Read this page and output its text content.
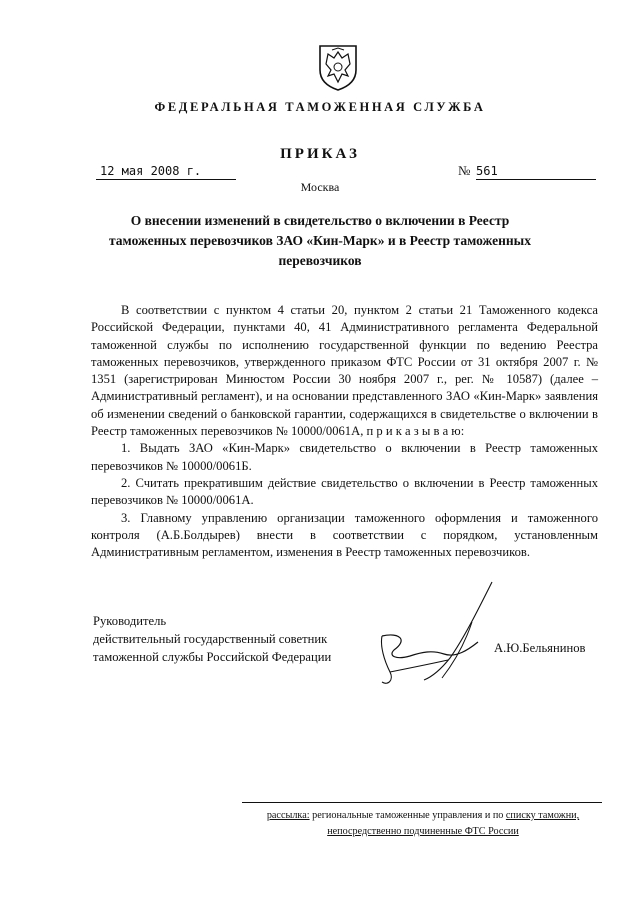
ФЕДЕРАЛЬНАЯ ТАМОЖЕННАЯ СЛУЖБА
ПРИКАЗ
12 мая 2008 г.	№ 561
Москва
О внесении изменений в свидетельство о включении в Реестр таможенных перевозчиков ЗАО «Кин-Марк» и в Реестр таможенных перевозчиков

В соответствии с пунктом 4 статьи 20, пунктом 2 статьи 21 Таможенного кодекса Российской Федерации, пунктами 40, 41 Административного регламента Федеральной таможенной службы по исполнению государственной функции по ведению Реестра таможенных перевозчиков, утвержденного приказом ФТС России от 31 октября 2007 г. № 1351 (зарегистрирован Минюстом России 30 ноября 2007 г., рег. № 10587) (далее – Административный регламент), и на основании представленного ЗАО «Кин-Марк» заявления об изменении сведений о банковской гарантии, содержащихся в свидетельстве о включении в Реестр таможенных перевозчиков № 10000/0061А, п р и к а з ы в а ю:

1. Выдать ЗАО «Кин-Марк» свидетельство о включении в Реестр таможенных перевозчиков № 10000/0061Б.

2. Считать прекратившим действие свидетельство о включении в Реестр таможенных перевозчиков № 10000/0061А.

3. Главному управлению организации таможенного оформления и таможенного контроля (А.Б.Болдырев) внести в соответствии с порядком, установленным Административным регламентом, изменения в Реестр таможенных перевозчиков.

Руководитель
действительный государственный советник
таможенной службы Российской Федерации
А.Ю.Бельянинов
рассылка: региональные таможенные управления и по списку таможни,
непосредственно подчиненные ФТС России
